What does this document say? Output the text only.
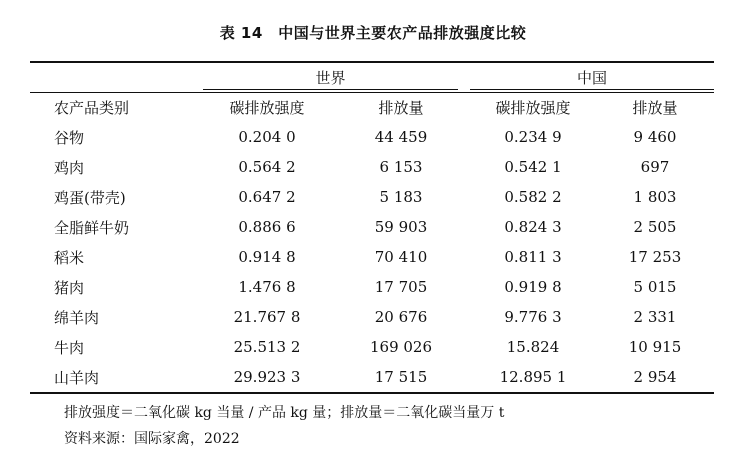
表 14　中国与世界主要农产品排放强度比较
世界	中国
农产品类别	碳排放强度	排放量	碳排放强度	排放量
谷物	0.204 0	44 459	0.234 9	9 460
鸡肉	0.564 2	6 153	0.542 1	697
鸡蛋(带壳)	0.647 2	5 183	0.582 2	1 803
全脂鲜牛奶	0.886 6	59 903	0.824 3	2 505
稻米	0.914 8	70 410	0.811 3	17 253
猪肉	1.476 8	17 705	0.919 8	5 015
绵羊肉	21.767 8	20 676	9.776 3	2 331
牛肉	25.513 2	169 026	15.824	10 915
山羊肉	29.923 3	17 515	12.895 1	2 954
排放强度＝二氧化碳 kg 当量 / 产品 kg 量；排放量＝二氧化碳当量万 t
资料来源：国际家禽，2022
